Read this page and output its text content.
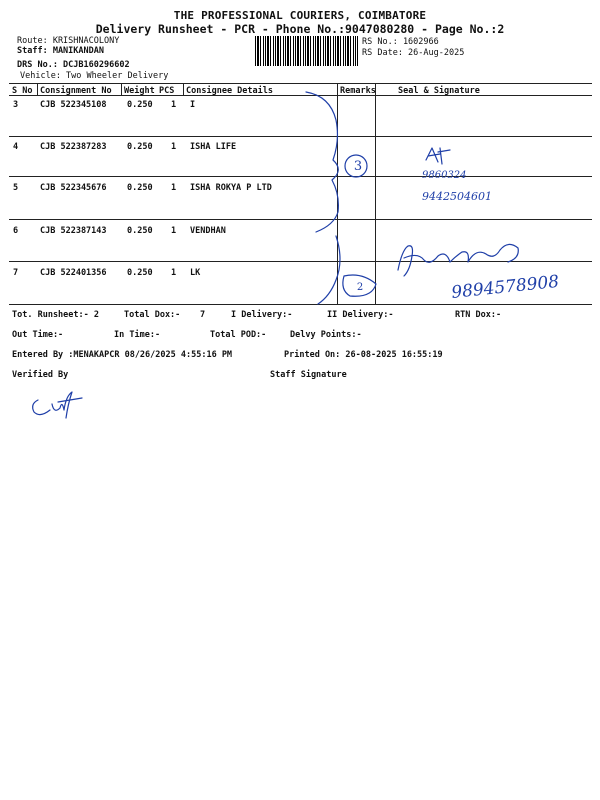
THE PROFESSIONAL COURIERS, COIMBATORE
Delivery Runsheet - PCR - Phone No.:9047080280 - Page No.:2
Route: KRISHNACOLONY
Staff: MANIKANDAN
DRS No.: DCJB160296602
Vehicle: Two Wheeler Delivery
RS No.: 1602966
RS Date: 26-Aug-2025
S No Consignment No Weight PCS Consignee Details	Remarks	Seal & Signature
3	CJB 522345108 0.250 1 I
4	CJB 522387283 0.250 1 ISHA LIFE
5	CJB 522345676 0.250 1 ISHA ROKYA P LTD
6	CJB 522387143 0.250 1 VENDHAN
7	CJB 522401356 0.250 1 LK
3
2
9860324
9442504601
9894578908
Tot. Runsheet:- 2	Total Dox:- 7	I Delivery:-	II Delivery:-	RTN Dox:-
Out Time:-	In Time:-	Total POD:-	Delvy Points:-
Entered By :MENAKAPCR 08/26/2025 4:55:16 PM	Printed On: 26-08-2025 16:55:19
Verified By	Staff Signature
